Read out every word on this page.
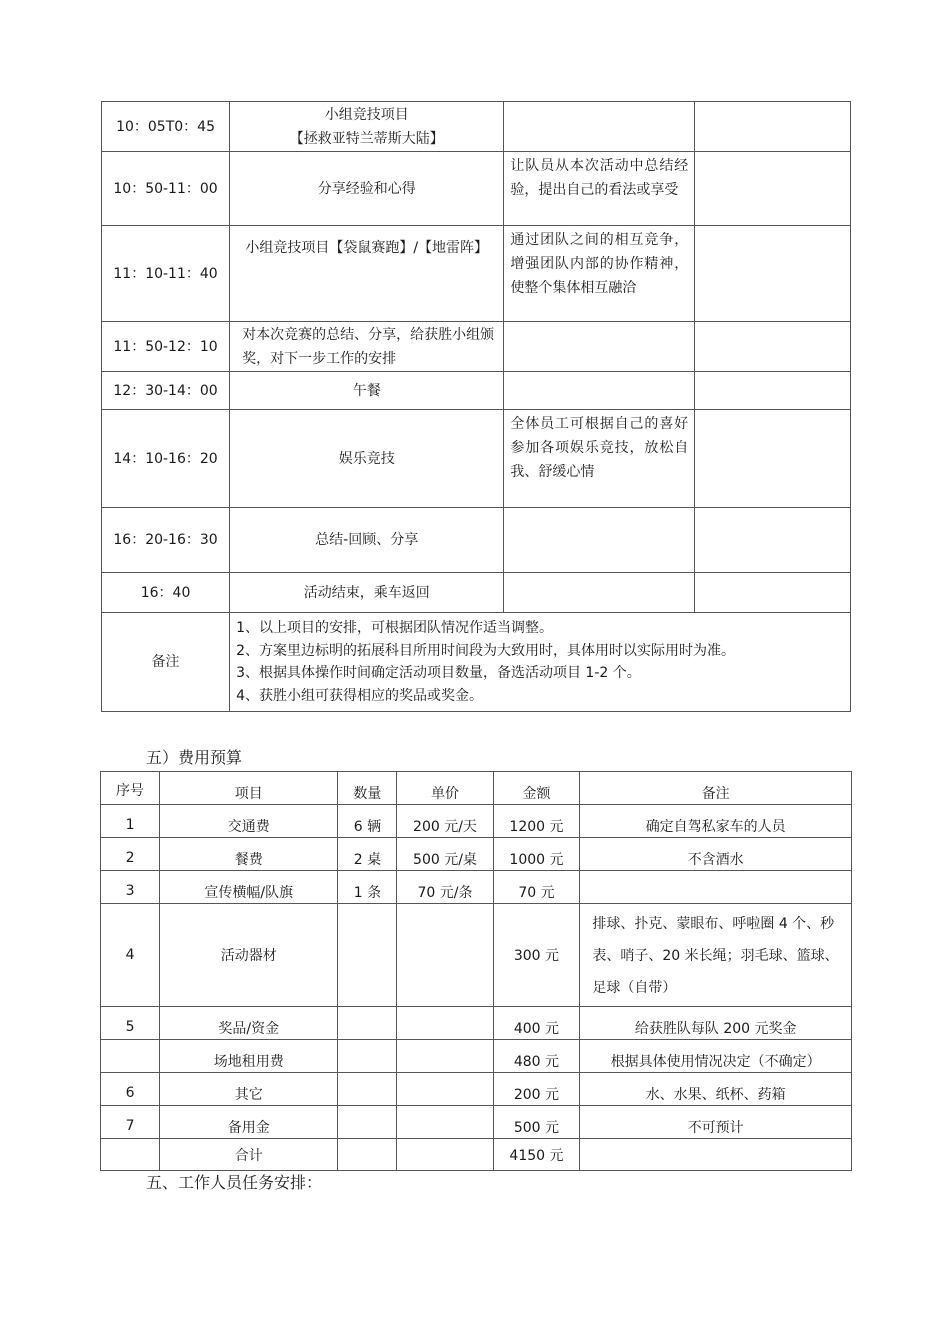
10：05T0：45	小组竞技项目
【拯救亚特兰蒂斯大陆】		
10：50-11：00	分享经验和心得	让队员从本次活动中总结经验，提出自己的看法或享受	
11：10-11：40	小组竞技项目【袋鼠赛跑】/【地雷阵】	通过团队之间的相互竞争，增强团队内部的协作精神，使整个集体相互融洽	
11：50-12：10	对本次竞赛的总结、分享，给获胜小组颁奖，对下一步工作的安排		
12：30-14：00	午餐		
14：10-16：20	娱乐竞技	全体员工可根据自己的喜好参加各项娱乐竞技，放松自我、舒缓心情	
16：20-16：30	总结-回顾、分享		
16：40	活动结束，乘车返回		
备注	1、以上项目的安排，可根据团队情况作适当调整。
2、方案里边标明的拓展科目所用时间段为大致用时，具体用时以实际用时为准。
3、根据具体操作时间确定活动项目数量，备选活动项目 1-2 个。
4、获胜小组可获得相应的奖品或奖金。		
五）费用预算
序号	项目	数量	单价	金额	备注
1	交通费	6 辆	200 元/天	1200 元	确定自驾私家车的人员
2	餐费	2 桌	500 元/桌	1000 元	不含酒水
3	宣传横幅/队旗	1 条	70 元/条	70 元	
4	活动器材			300 元	排球、扑克、蒙眼布、呼啦圈 4 个、秒表、哨子、20 米长绳；羽毛球、篮球、足球（自带）
5	奖品/资金			400 元	给获胜队每队 200 元奖金
	场地租用费			480 元	根据具体使用情况决定（不确定）
6	其它			200 元	水、水果、纸杯、药箱
7	备用金			500 元	不可预计
	合计			4150 元	
五、工作人员任务安排：
